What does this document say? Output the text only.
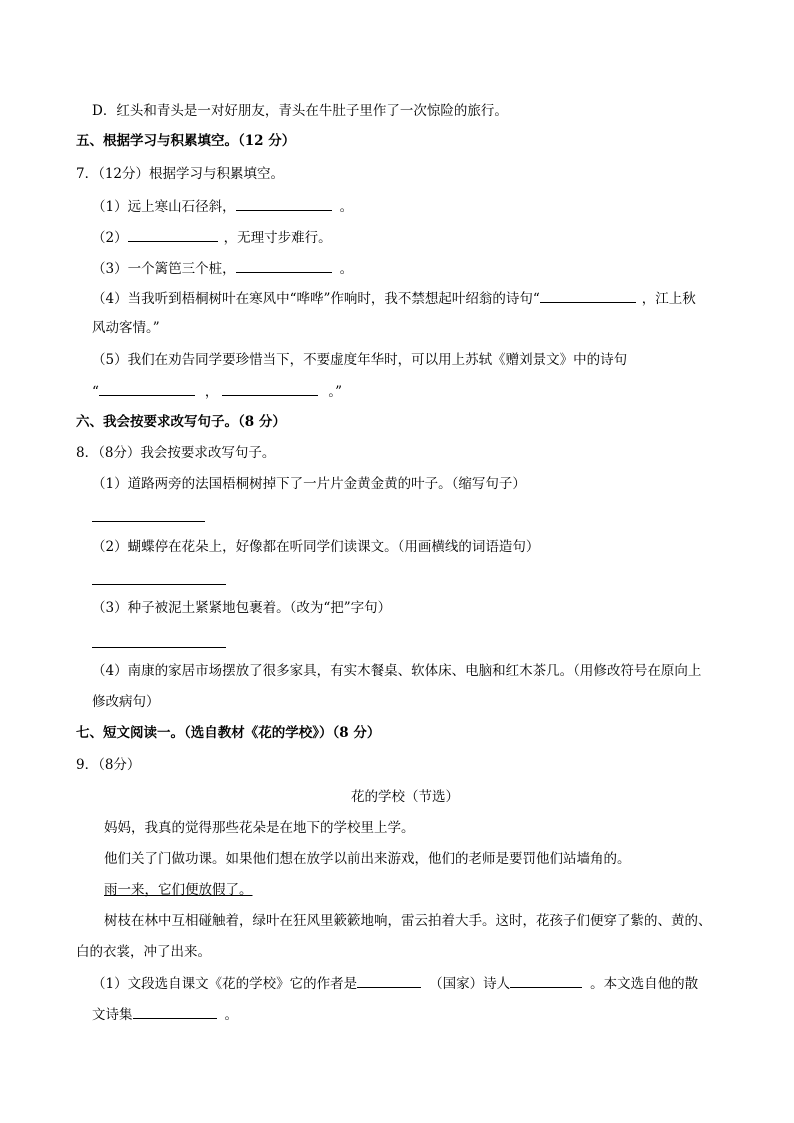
D．红头和青头是一对好朋友，青头在牛肚子里作了一次惊险的旅行。
五、根据学习与积累填空。（12 分）
7．（12分）根据学习与积累填空。
（1）远上寒山石径斜，	。
（2）	，无理寸步难行。
（3）一个篱笆三个桩，	。
（4）当我听到梧桐树叶在寒风中“哗哗”作响时，我不禁想起叶绍翁的诗句“	，江上秋
风动客情。”
（5）我们在劝告同学要珍惜当下，不要虚度年华时，可以用上苏轼《赠刘景文》中的诗句
“	，	。”
六、我会按要求改写句子。（8 分）
8．（8分）我会按要求改写句子。
（1）道路两旁的法国梧桐树掉下了一片片金黄金黄的叶子。（缩写句子）
（2）蝴蝶停在花朵上，好像都在听同学们读课文。（用画横线的词语造句）
（3）种子被泥土紧紧地包裹着。（改为“把”字句）
（4）南康的家居市场摆放了很多家具，有实木餐桌、软体床、电脑和红木茶几。（用修改符号在原向上
修改病句）
七、短文阅读一。（选自教材《花的学校》）（8 分）
9．（8分）
花的学校（节选）
妈妈，我真的觉得那些花朵是在地下的学校里上学。
他们关了门做功课。如果他们想在放学以前出来游戏，他们的老师是要罚他们站墙角的。
雨一来，它们便放假了。
树枝在林中互相碰触着，绿叶在狂风里簌簌地响，雷云拍着大手。这时，花孩子们便穿了紫的、黄的、
白的衣裳，冲了出来。
（1）文段选自课文《花的学校》它的作者是	（国家）诗人	。本文选自他的散
文诗集	。
